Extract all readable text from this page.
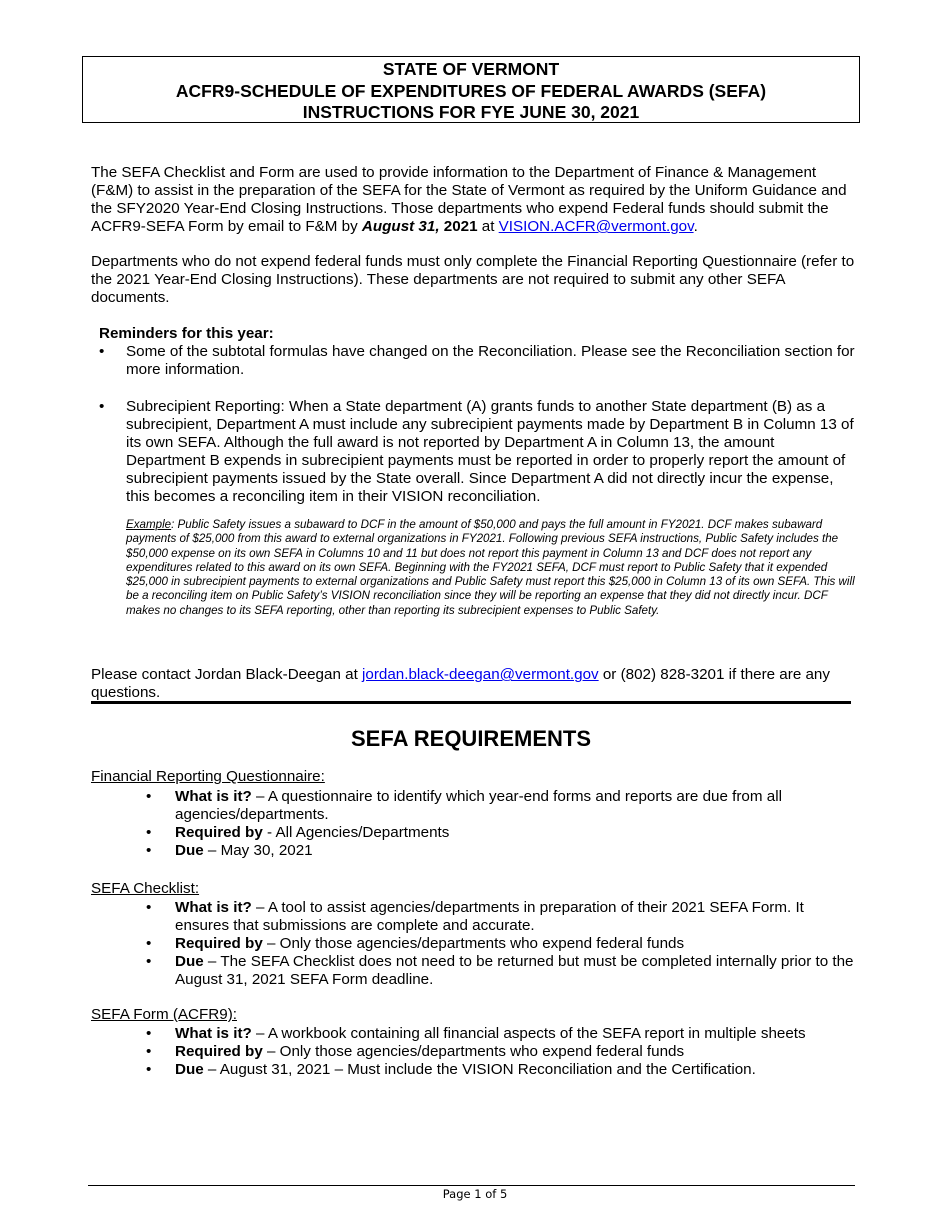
STATE OF VERMONT
ACFR9-SCHEDULE OF EXPENDITURES OF FEDERAL AWARDS (SEFA)
INSTRUCTIONS FOR FYE JUNE 30, 2021

The SEFA Checklist and Form are used to provide information to the Department of Finance & Management (F&M) to assist in the preparation of the SEFA for the State of Vermont as required by the Uniform Guidance and the SFY2020 Year-End Closing Instructions. Those departments who expend Federal funds should submit the ACFR9-SEFA Form by email to F&M by August 31, 2021 at VISION.ACFR@vermont.gov.

Departments who do not expend federal funds must only complete the Financial Reporting Questionnaire (refer to the 2021 Year-End Closing Instructions). These departments are not required to submit any other SEFA documents.

Reminders for this year:

• Some of the subtotal formulas have changed on the Reconciliation. Please see the Reconciliation section for more information.
• Subrecipient Reporting: When a State department (A) grants funds to another State department (B) as a subrecipient, Department A must include any subrecipient payments made by Department B in Column 13 of its own SEFA. Although the full award is not reported by Department A in Column 13, the amount Department B expends in subrecipient payments must be reported in order to properly report the amount of subrecipient payments issued by the State overall. Since Department A did not directly incur the expense, this becomes a reconciling item in their VISION reconciliation.
Example: Public Safety issues a subaward to DCF in the amount of $50,000 and pays the full amount in FY2021. DCF makes subaward payments of $25,000 from this award to external organizations in FY2021. Following previous SEFA instructions, Public Safety includes the $50,000 expense on its own SEFA in Columns 10 and 11 but does not report this payment in Column 13 and DCF does not report any expenditures related to this award on its own SEFA. Beginning with the FY2021 SEFA, DCF must report to Public Safety that it expended $25,000 in subrecipient payments to external organizations and Public Safety must report this $25,000 in Column 13 of its own SEFA. This will be a reconciling item on Public Safety’s VISION reconciliation since they will be reporting an expense that they did not directly incur. DCF makes no changes to its SEFA reporting, other than reporting its subrecipient expenses to Public Safety.

Please contact Jordan Black-Deegan at jordan.black-deegan@vermont.gov or (802) 828-3201 if there are any questions.

SEFA REQUIREMENTS

Financial Reporting Questionnaire:

• What is it? – A questionnaire to identify which year-end forms and reports are due from all agencies/departments.
• Required by - All Agencies/Departments
• Due – May 30, 2021

SEFA Checklist:

• What is it? – A tool to assist agencies/departments in preparation of their 2021 SEFA Form. It ensures that submissions are complete and accurate.
• Required by – Only those agencies/departments who expend federal funds
• Due – The SEFA Checklist does not need to be returned but must be completed internally prior to the August 31, 2021 SEFA Form deadline.

SEFA Form (ACFR9):

• What is it? – A workbook containing all financial aspects of the SEFA report in multiple sheets
• Required by – Only those agencies/departments who expend federal funds
• Due – August 31, 2021 – Must include the VISION Reconciliation and the Certification.
Page 1 of 5
